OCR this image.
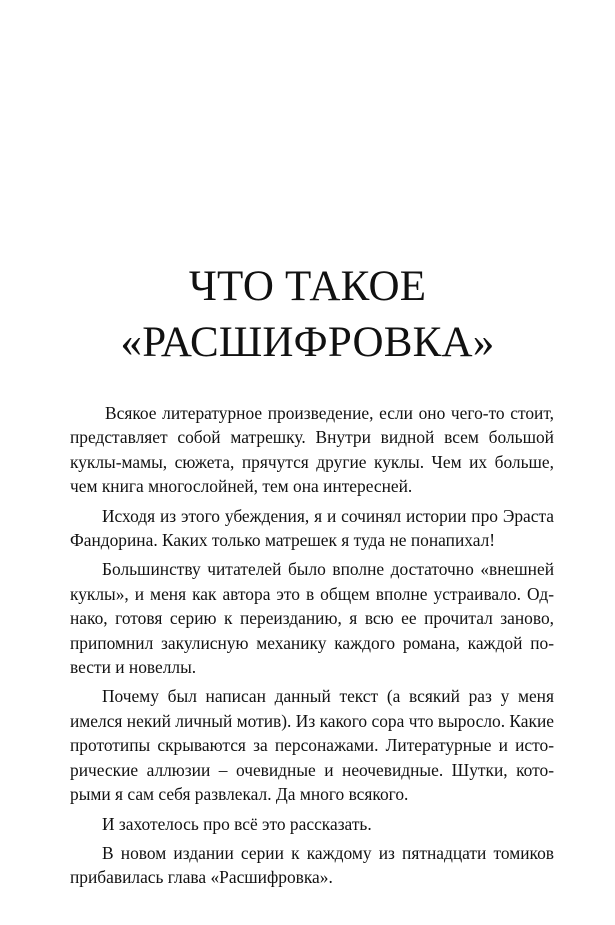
ЧТО ТАКОЕ
«РАСШИФРОВКА»

Всякое литературное произведение, если оно чего-то стоит, представляет собой матрешку. Внутри видной всем большой куклы-мамы, сюжета, прячутся другие куклы. Чем их больше, чем книга многослойней, тем она интересней.

Исходя из этого убеждения, я и сочинял истории про Эраста Фандорина. Каких только матрешек я туда не понапихал!

Большинству читателей было вполне достаточно «внешней куклы», и меня как автора это в общем вполне устраивало. Однако, готовя серию к переизданию, я всю ее прочитал заново, припомнил закулисную механику каждого романа, каждой повести и новеллы.

Почему был написан данный текст (а всякий раз у меня имелся некий личный мотив). Из какого сора что выросло. Какие прототипы скрываются за персонажами. Литературные и исторические аллюзии – очевидные и неочевидные. Шутки, которыми я сам себя развлекал. Да много всякого.

И захотелось про всё это рассказать.

В новом издании серии к каждому из пятнадцати томиков прибавилась глава «Расшифровка».
